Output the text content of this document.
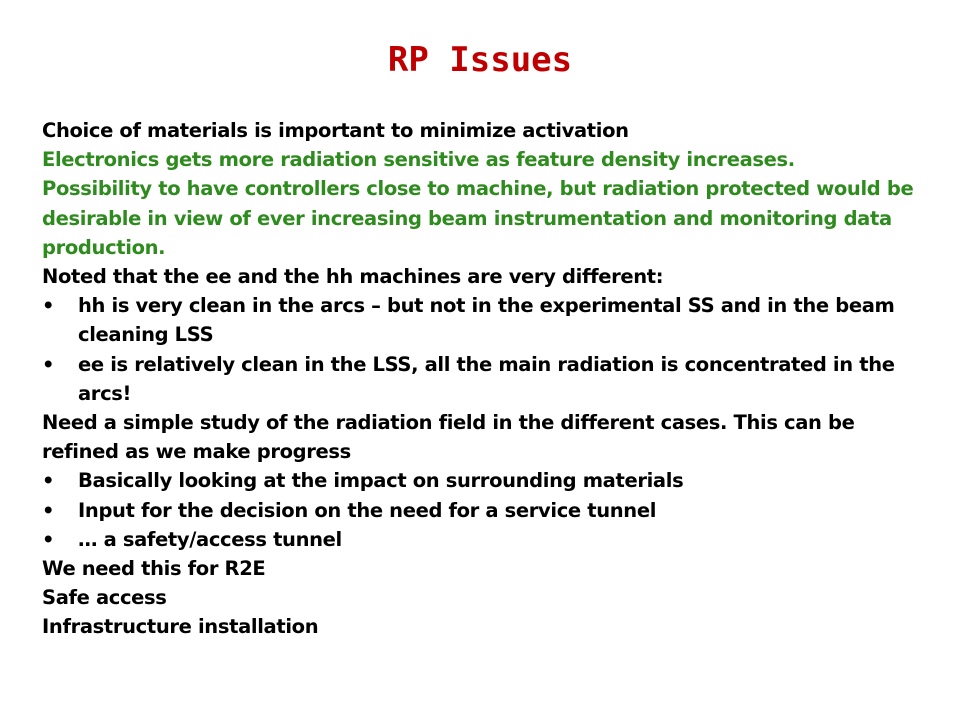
RP Issues

Choice of materials is important to minimize activation

Electronics gets more radiation sensitive as feature density increases.

Possibility to have controllers close to machine, but radiation protected would be desirable in view of ever increasing beam instrumentation and monitoring data production.

Noted that the ee and the hh machines are very different:

•	hh is very clean in the arcs – but not in the experimental SS and in the beam cleaning LSS
•	ee is relatively clean in the LSS, all the main radiation is concentrated in the arcs!

Need a simple study of the radiation field in the different cases. This can be refined as we make progress

•	Basically looking at the impact on surrounding materials
•	Input for the decision on the need for a service tunnel
•	… a safety/access tunnel

We need this for R2E

Safe access

Infrastructure installation
